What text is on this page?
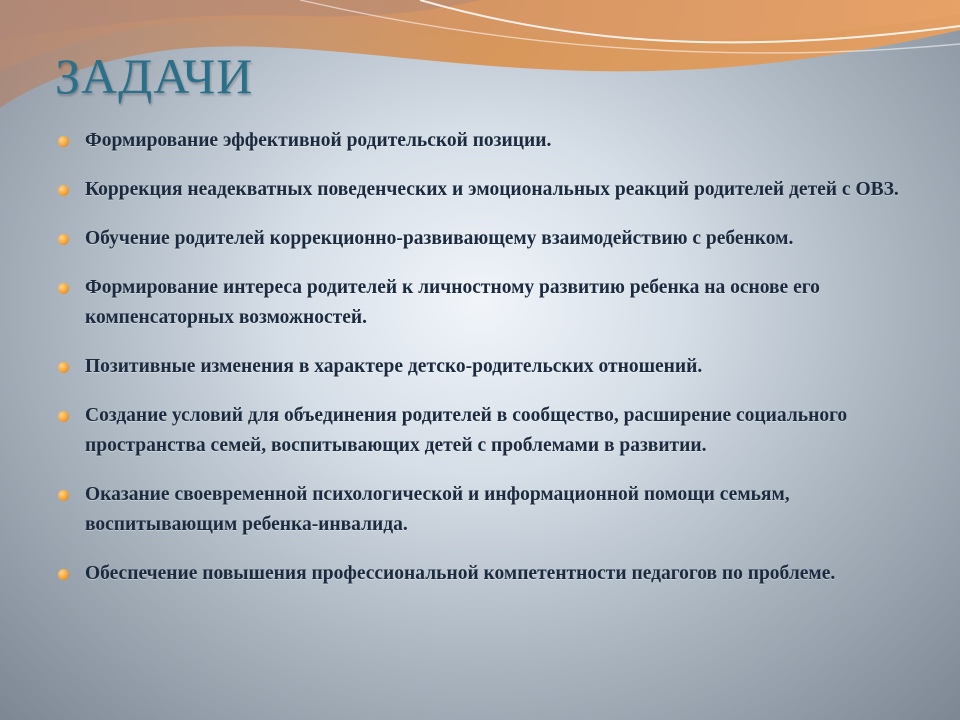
ЗАДАЧИ
Формирование эффективной родительской позиции.
Коррекция неадекватных поведенческих и эмоциональных реакций родителей детей с ОВЗ.
Обучение родителей коррекционно-развивающему взаимодействию с ребенком.
Формирование интереса родителей к личностному развитию ребенка на основе его компенсаторных возможностей.
Позитивные изменения в характере детско-родительских отношений.
Создание условий для объединения родителей в сообщество, расширение социального пространства семей, воспитывающих детей с проблемами в развитии.
Оказание своевременной психологической и информационной помощи семьям, воспитывающим ребенка-инвалида.
Обеспечение повышения профессиональной компетентности педагогов по проблеме.
